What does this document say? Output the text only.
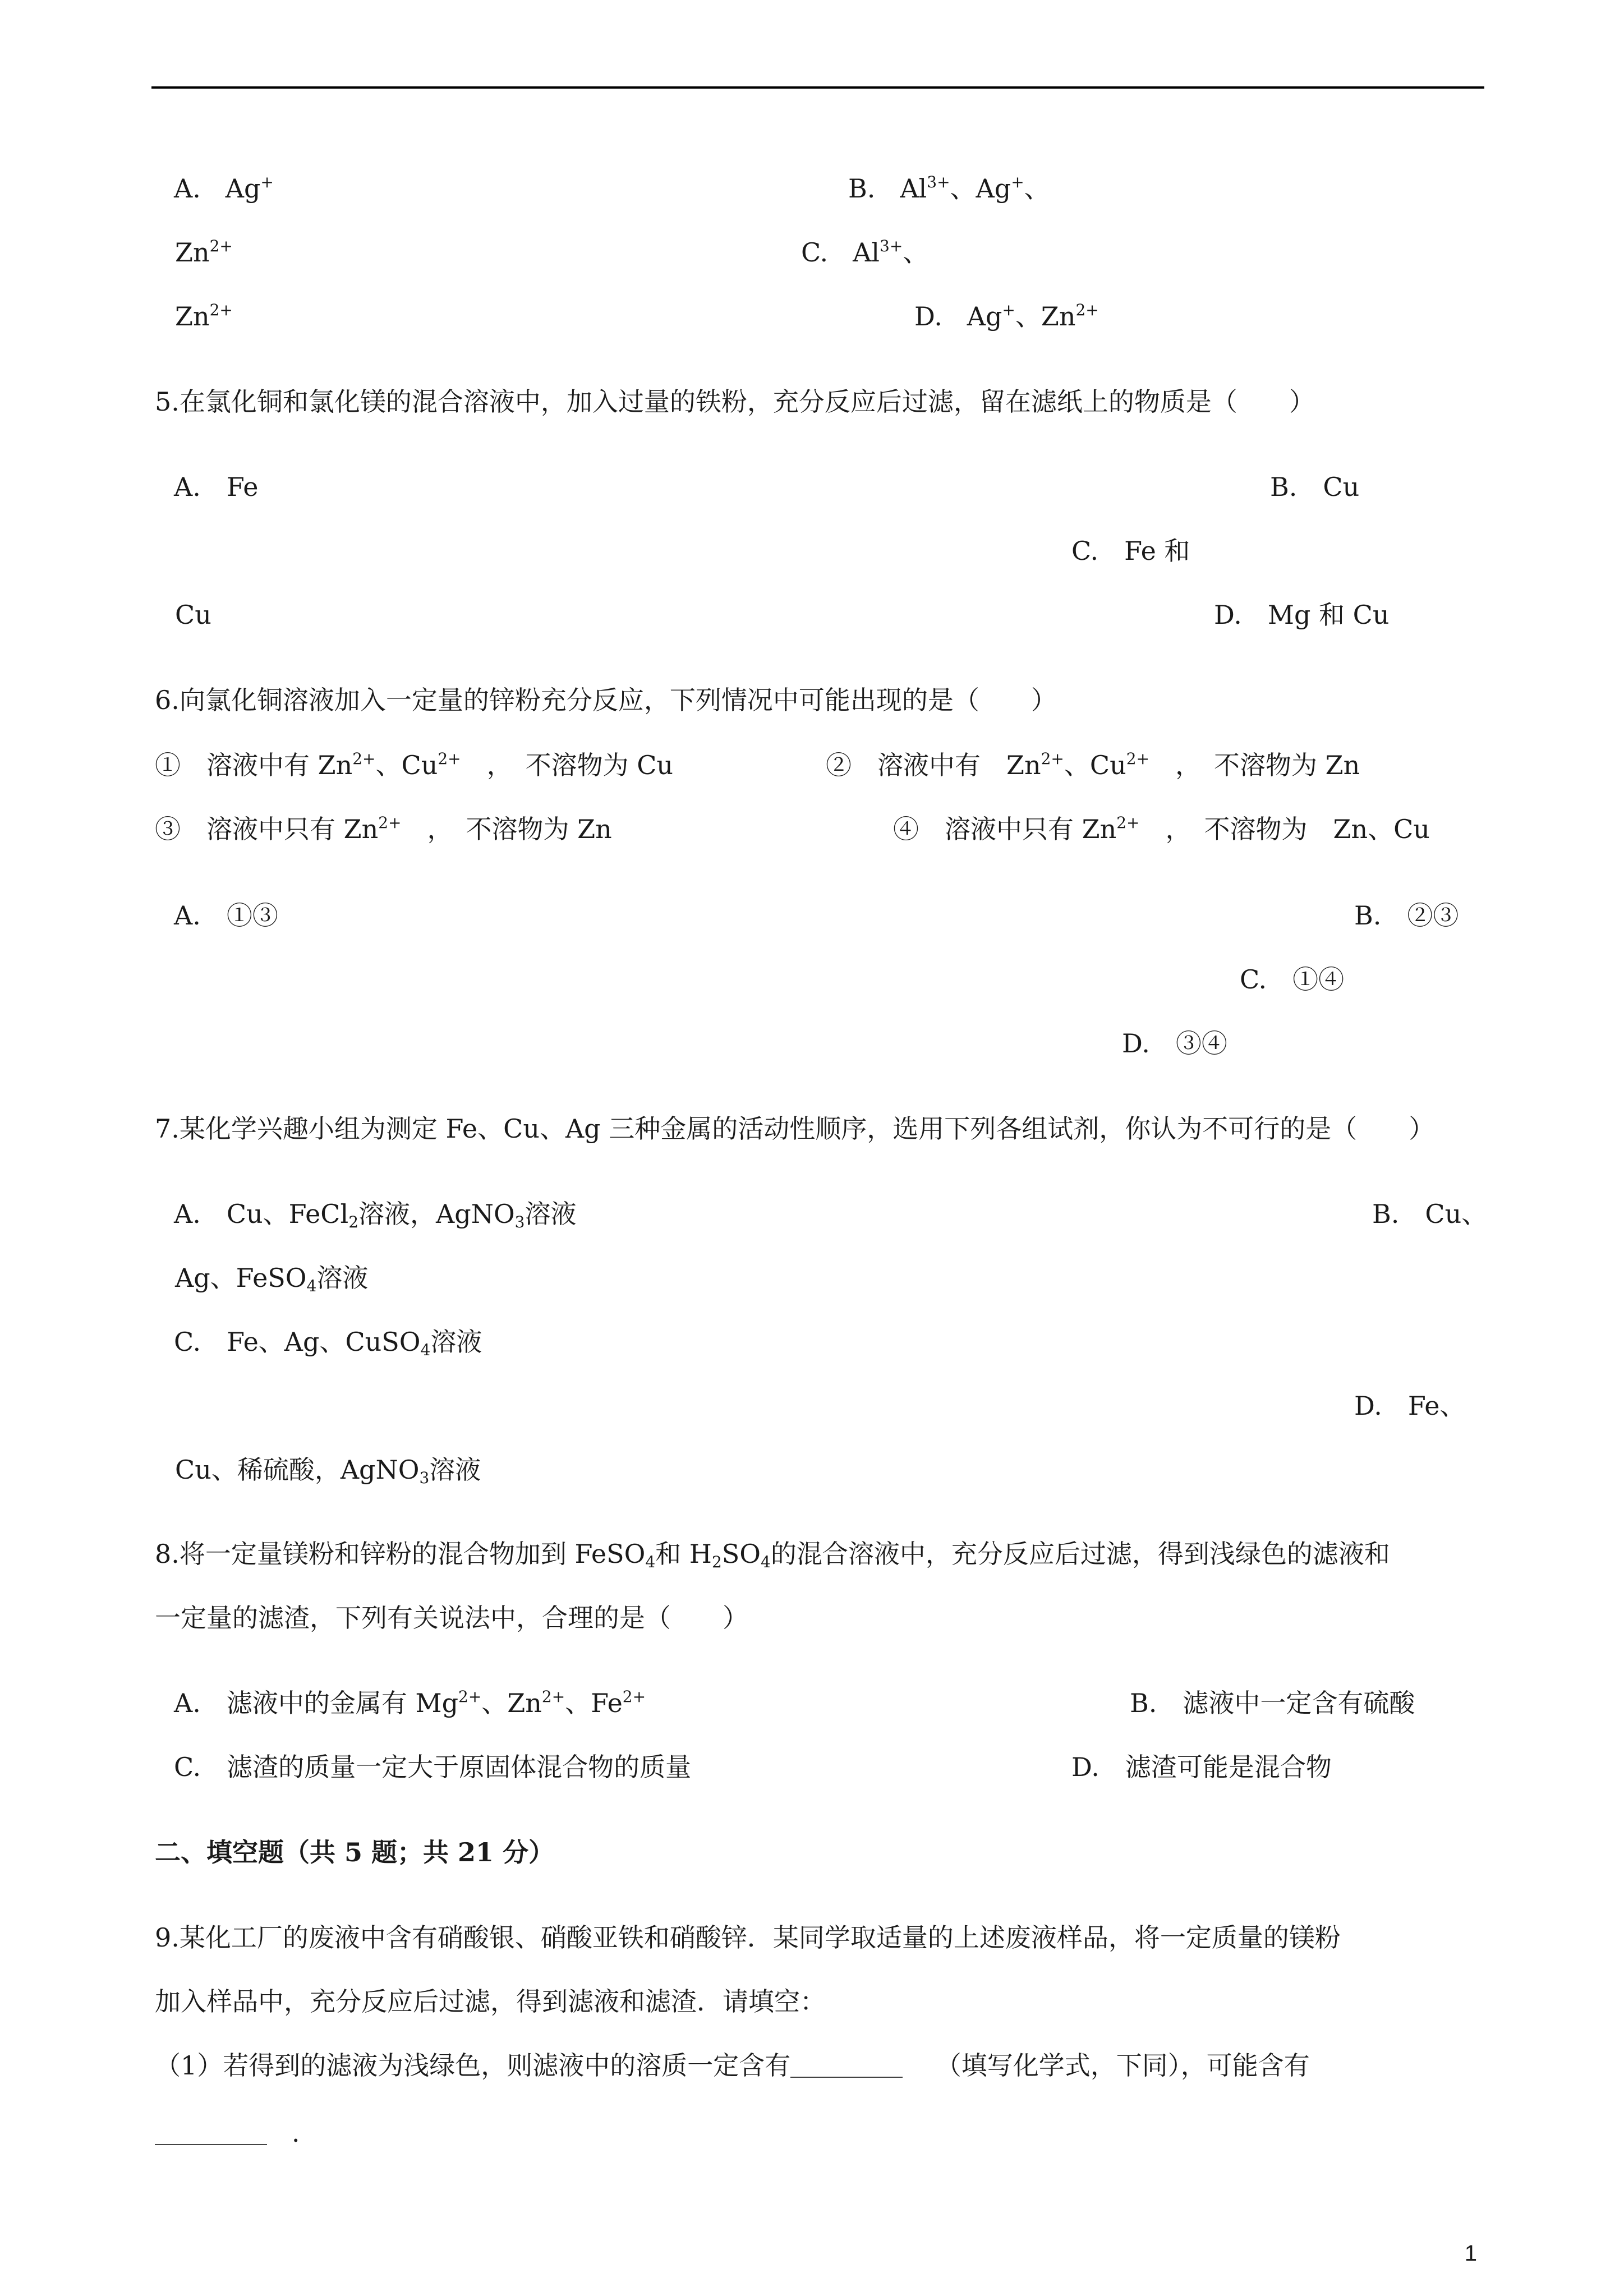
A. Ag+	B. $Al^{3+}$、Ag+、
$Zn^{2+}$	C. $Al^{3+}$、
$Zn^{2+}$	D. Ag+、$Zn^{2+}$
5.在氯化铜和氯化镁的混合溶液中，加入过量的铁粉，充分反应后过滤，留在滤纸上的物质是（　　）
A.　Fe	B.　Cu
C.　Fe 和
Cu	D.　Mg 和 Cu
6.向氯化铜溶液加入一定量的锌粉充分反应，下列情况中可能出现的是（　　）
①　溶液中有 $Zn^{2+}$、$Cu^{2+}$　，　不溶物为 Cu	②　溶液中有　$Zn^{2+}$、$Cu^{2+}$　，　不溶物为 Zn
③　溶液中只有 $Zn^{2+}$　，　不溶物为 Zn	④　溶液中只有 $Zn^{2+}$　，　不溶物为　Zn、Cu
A.　①③	B.　②③
C.　①④
D.　③④
7.某化学兴趣小组为测定 Fe、Cu、Ag 三种金属的活动性顺序，选用下列各组试剂，你认为不可行的是（　　）
A.　Cu、FeCl$_2$溶液，AgNO$_3$溶液	B.　Cu、
Ag、FeSO$_4$溶液
C.　Fe、Ag、CuSO$_4$溶液
D.　Fe、
Cu、稀硫酸，AgNO$_3$溶液
8.将一定量镁粉和锌粉的混合物加到 FeSO$_4$和 $H_2SO_4$的混合溶液中，充分反应后过滤，得到浅绿色的滤液和
一定量的滤渣，下列有关说法中，合理的是（　　）
A.　滤液中的金属有 $Mg^{2+}$、$Zn^{2+}$、$Fe^{2+}$	B.　滤液中一定含有硫酸
C.　滤渣的质量一定大于原固体混合物的质量	D.　滤渣可能是混合物
二、填空题（共 5 题；共 21 分）
9.某化工厂的废液中含有硝酸银、硝酸亚铁和硝酸锌．某同学取适量的上述废液样品，将一定质量的镁粉
加入样品中，充分反应后过滤，得到滤液和滤渣．请填空：
（1）若得到的滤液为浅绿色，则滤液中的溶质一定含有	（填写化学式，下同），可能含有
.
1
